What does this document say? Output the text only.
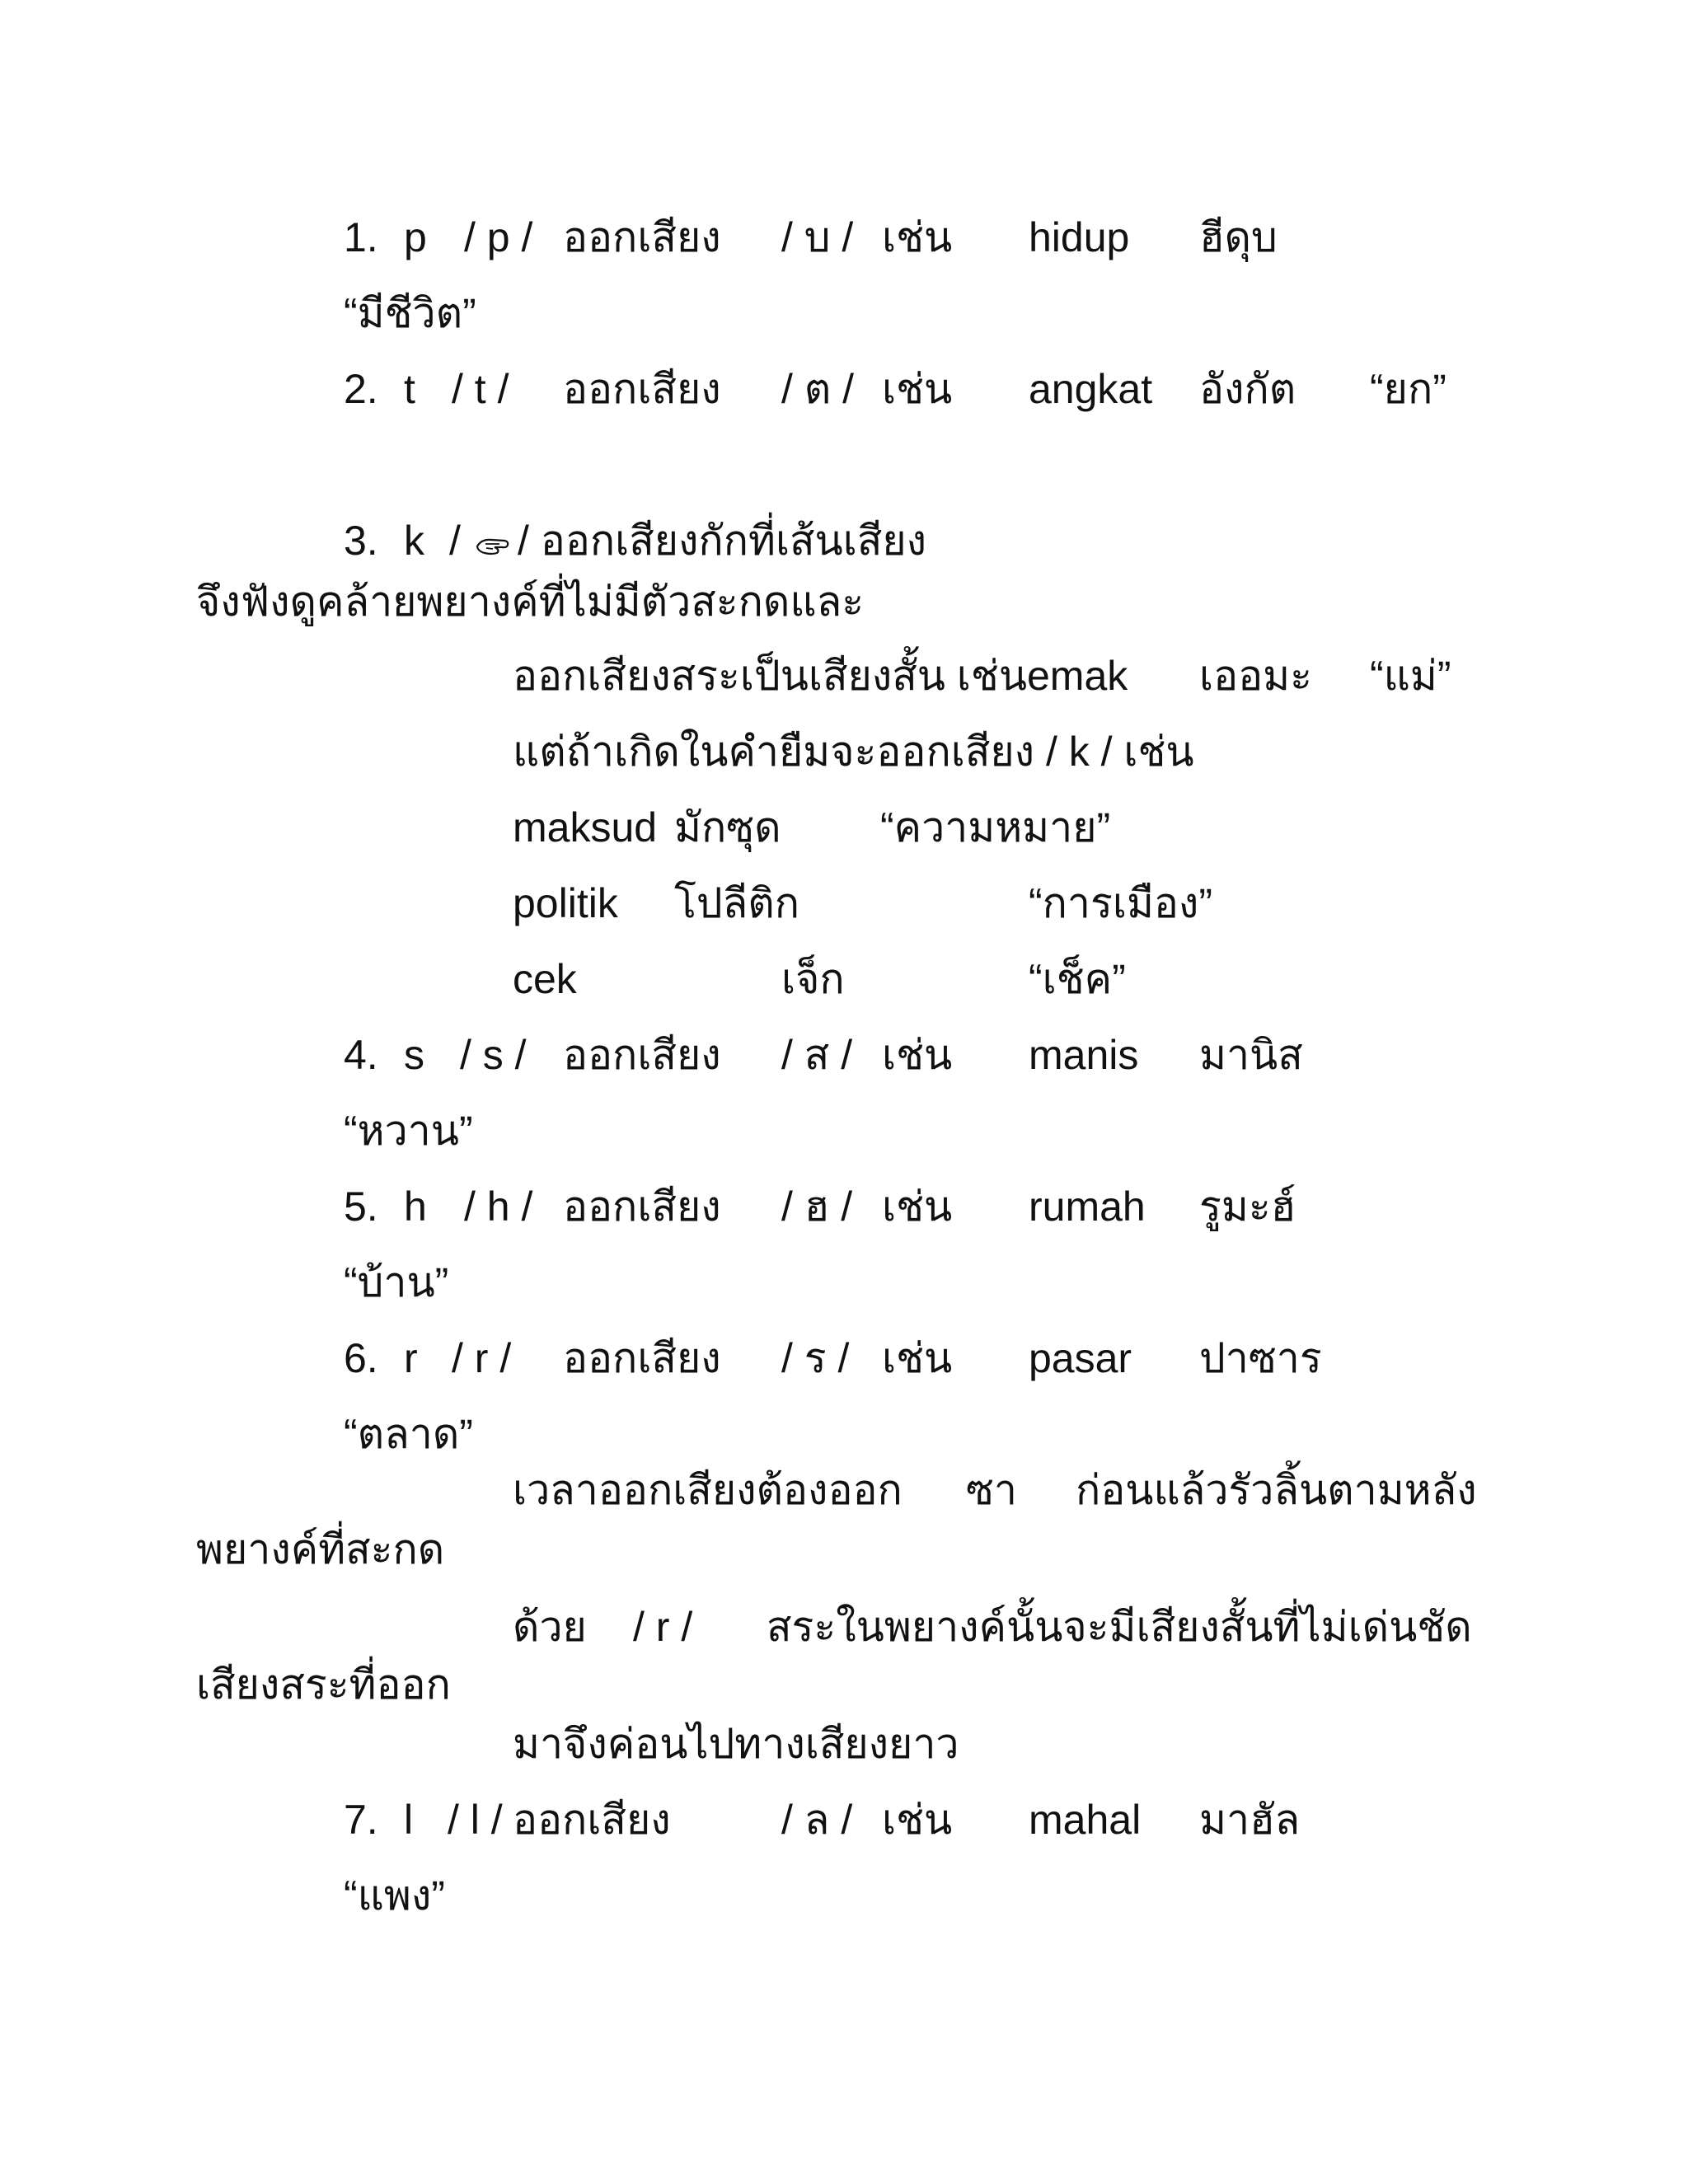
1. p / p / ออกเสียง / บ / เช่น hidup ฮีดุบ
“มีชีวิต”
2. t / t / ออกเสียง / ต / เช่น angkat อังกัต “ยก”
3. k / / ออกเสียงกักที่เส้นเสียง
จึงฟังดูคล้ายพยางค์ที่ไม่มีตัวสะกดและ
ออกเสียงสระเป็นเสียงสั้น เช่นemak เออมะ “แม่”
แต่ถ้าเกิดในคำยืมจะออกเสียง / k / เช่น
maksud มักซุด “ความหมาย”
politik โปลีติก	“การเมือง”
cek	เจ็ก	“เช็ค”
4. s / s / ออกเสียง / ส / เช่น manis มานิส
“หวาน”
5. h / h / ออกเสียง / ฮ / เช่น rumah รูมะฮ์
“บ้าน”
6. r / r / ออกเสียง / ร / เช่น pasar ปาซาร
“ตลาด”
เวลาออกเสียงต้องออก ซา ก่อนแล้วรัวลิ้นตามหลัง
พยางค์ที่สะกด
ด้วย / r / สระในพยางค์นั้นจะมีเสียงสั้นที่ไม่เด่นชัด
เสียงสระที่ออก
มาจึงค่อนไปทางเสียงยาว
7. l / l / ออกเสียง	/ ล / เช่น mahal มาฮัล
“แพง”
